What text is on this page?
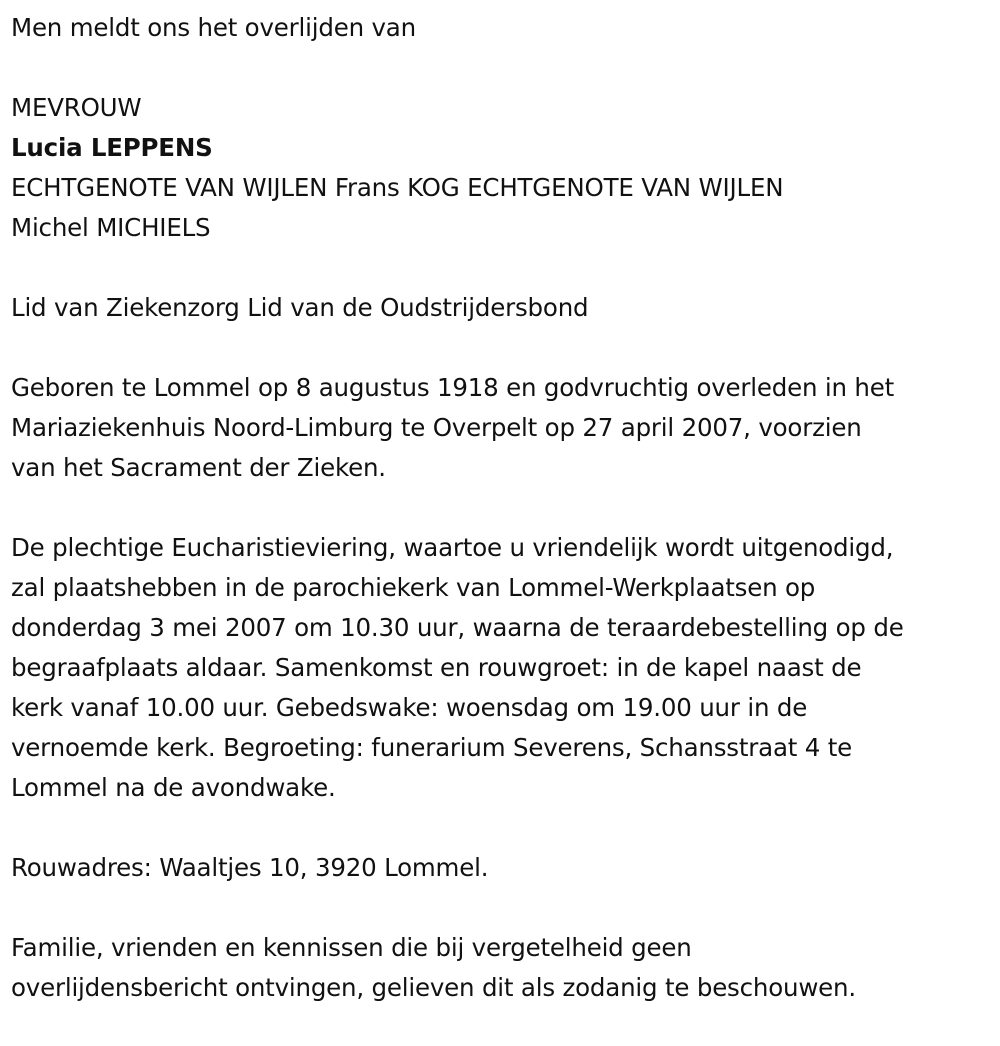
Men meldt ons het overlijden van

MEVROUW

Lucia LEPPENS

ECHTGENOTE VAN WIJLEN Frans KOG ECHTGENOTE VAN WIJLEN

Michel MICHIELS

Lid van Ziekenzorg Lid van de Oudstrijdersbond

Geboren te Lommel op 8 augustus 1918 en godvruchtig overleden in het
Mariaziekenhuis Noord-Limburg te Overpelt op 27 april 2007, voorzien
van het Sacrament der Zieken.
De plechtige Eucharistieviering, waartoe u vriendelijk wordt uitgenodigd,
zal plaatshebben in de parochiekerk van Lommel-Werkplaatsen op
donderdag 3 mei 2007 om 10.30 uur, waarna de teraardebestelling op de
begraafplaats aldaar. Samenkomst en rouwgroet: in de kapel naast de
kerk vanaf 10.00 uur. Gebedswake: woensdag om 19.00 uur in de
vernoemde kerk. Begroeting: funerarium Severens, Schansstraat 4 te
Lommel na de avondwake.

Rouwadres: Waaltjes 10, 3920 Lommel.

Familie, vrienden en kennissen die bij vergetelheid geen
overlijdensbericht ontvingen, gelieven dit als zodanig te beschouwen.
